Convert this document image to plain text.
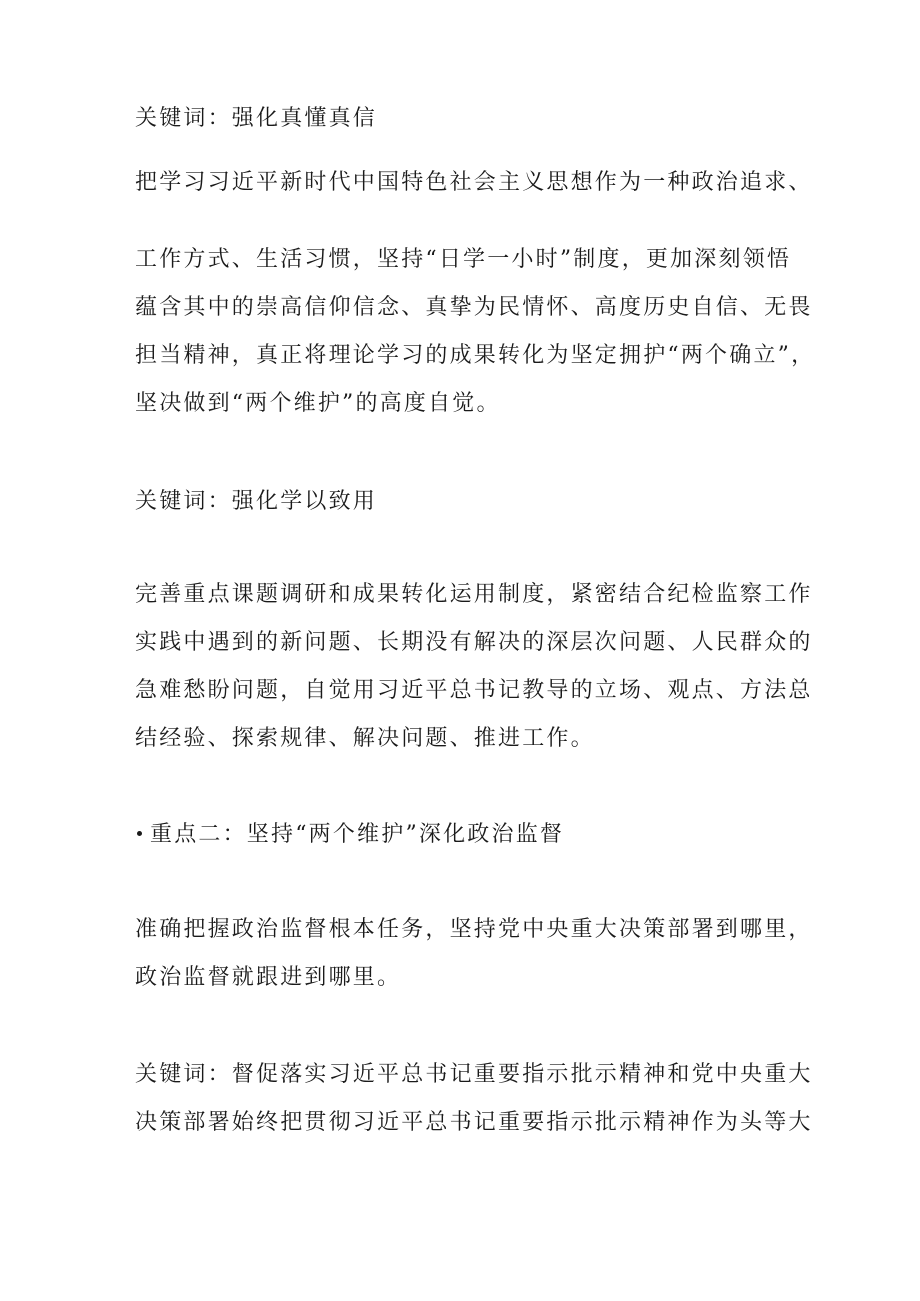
关键词：强化真懂真信
把学习习近平新时代中国特色社会主义思想作为一种政治追求、
工作方式、生活习惯，坚持“日学一小时”制度，更加深刻领悟
蕴含其中的崇高信仰信念、真挚为民情怀、高度历史自信、无畏
担当精神，真正将理论学习的成果转化为坚定拥护“两个确立”，
坚决做到“两个维护”的高度自觉。
关键词：强化学以致用
完善重点课题调研和成果转化运用制度，紧密结合纪检监察工作
实践中遇到的新问题、长期没有解决的深层次问题、人民群众的
急难愁盼问题，自觉用习近平总书记教导的立场、观点、方法总
结经验、探索规律、解决问题、推进工作。
重点二：坚持“两个维护”深化政治监督
准确把握政治监督根本任务，坚持党中央重大决策部署到哪里，
政治监督就跟进到哪里。
关键词：督促落实习近平总书记重要指示批示精神和党中央重大
决策部署始终把贯彻习近平总书记重要指示批示精神作为头等大
